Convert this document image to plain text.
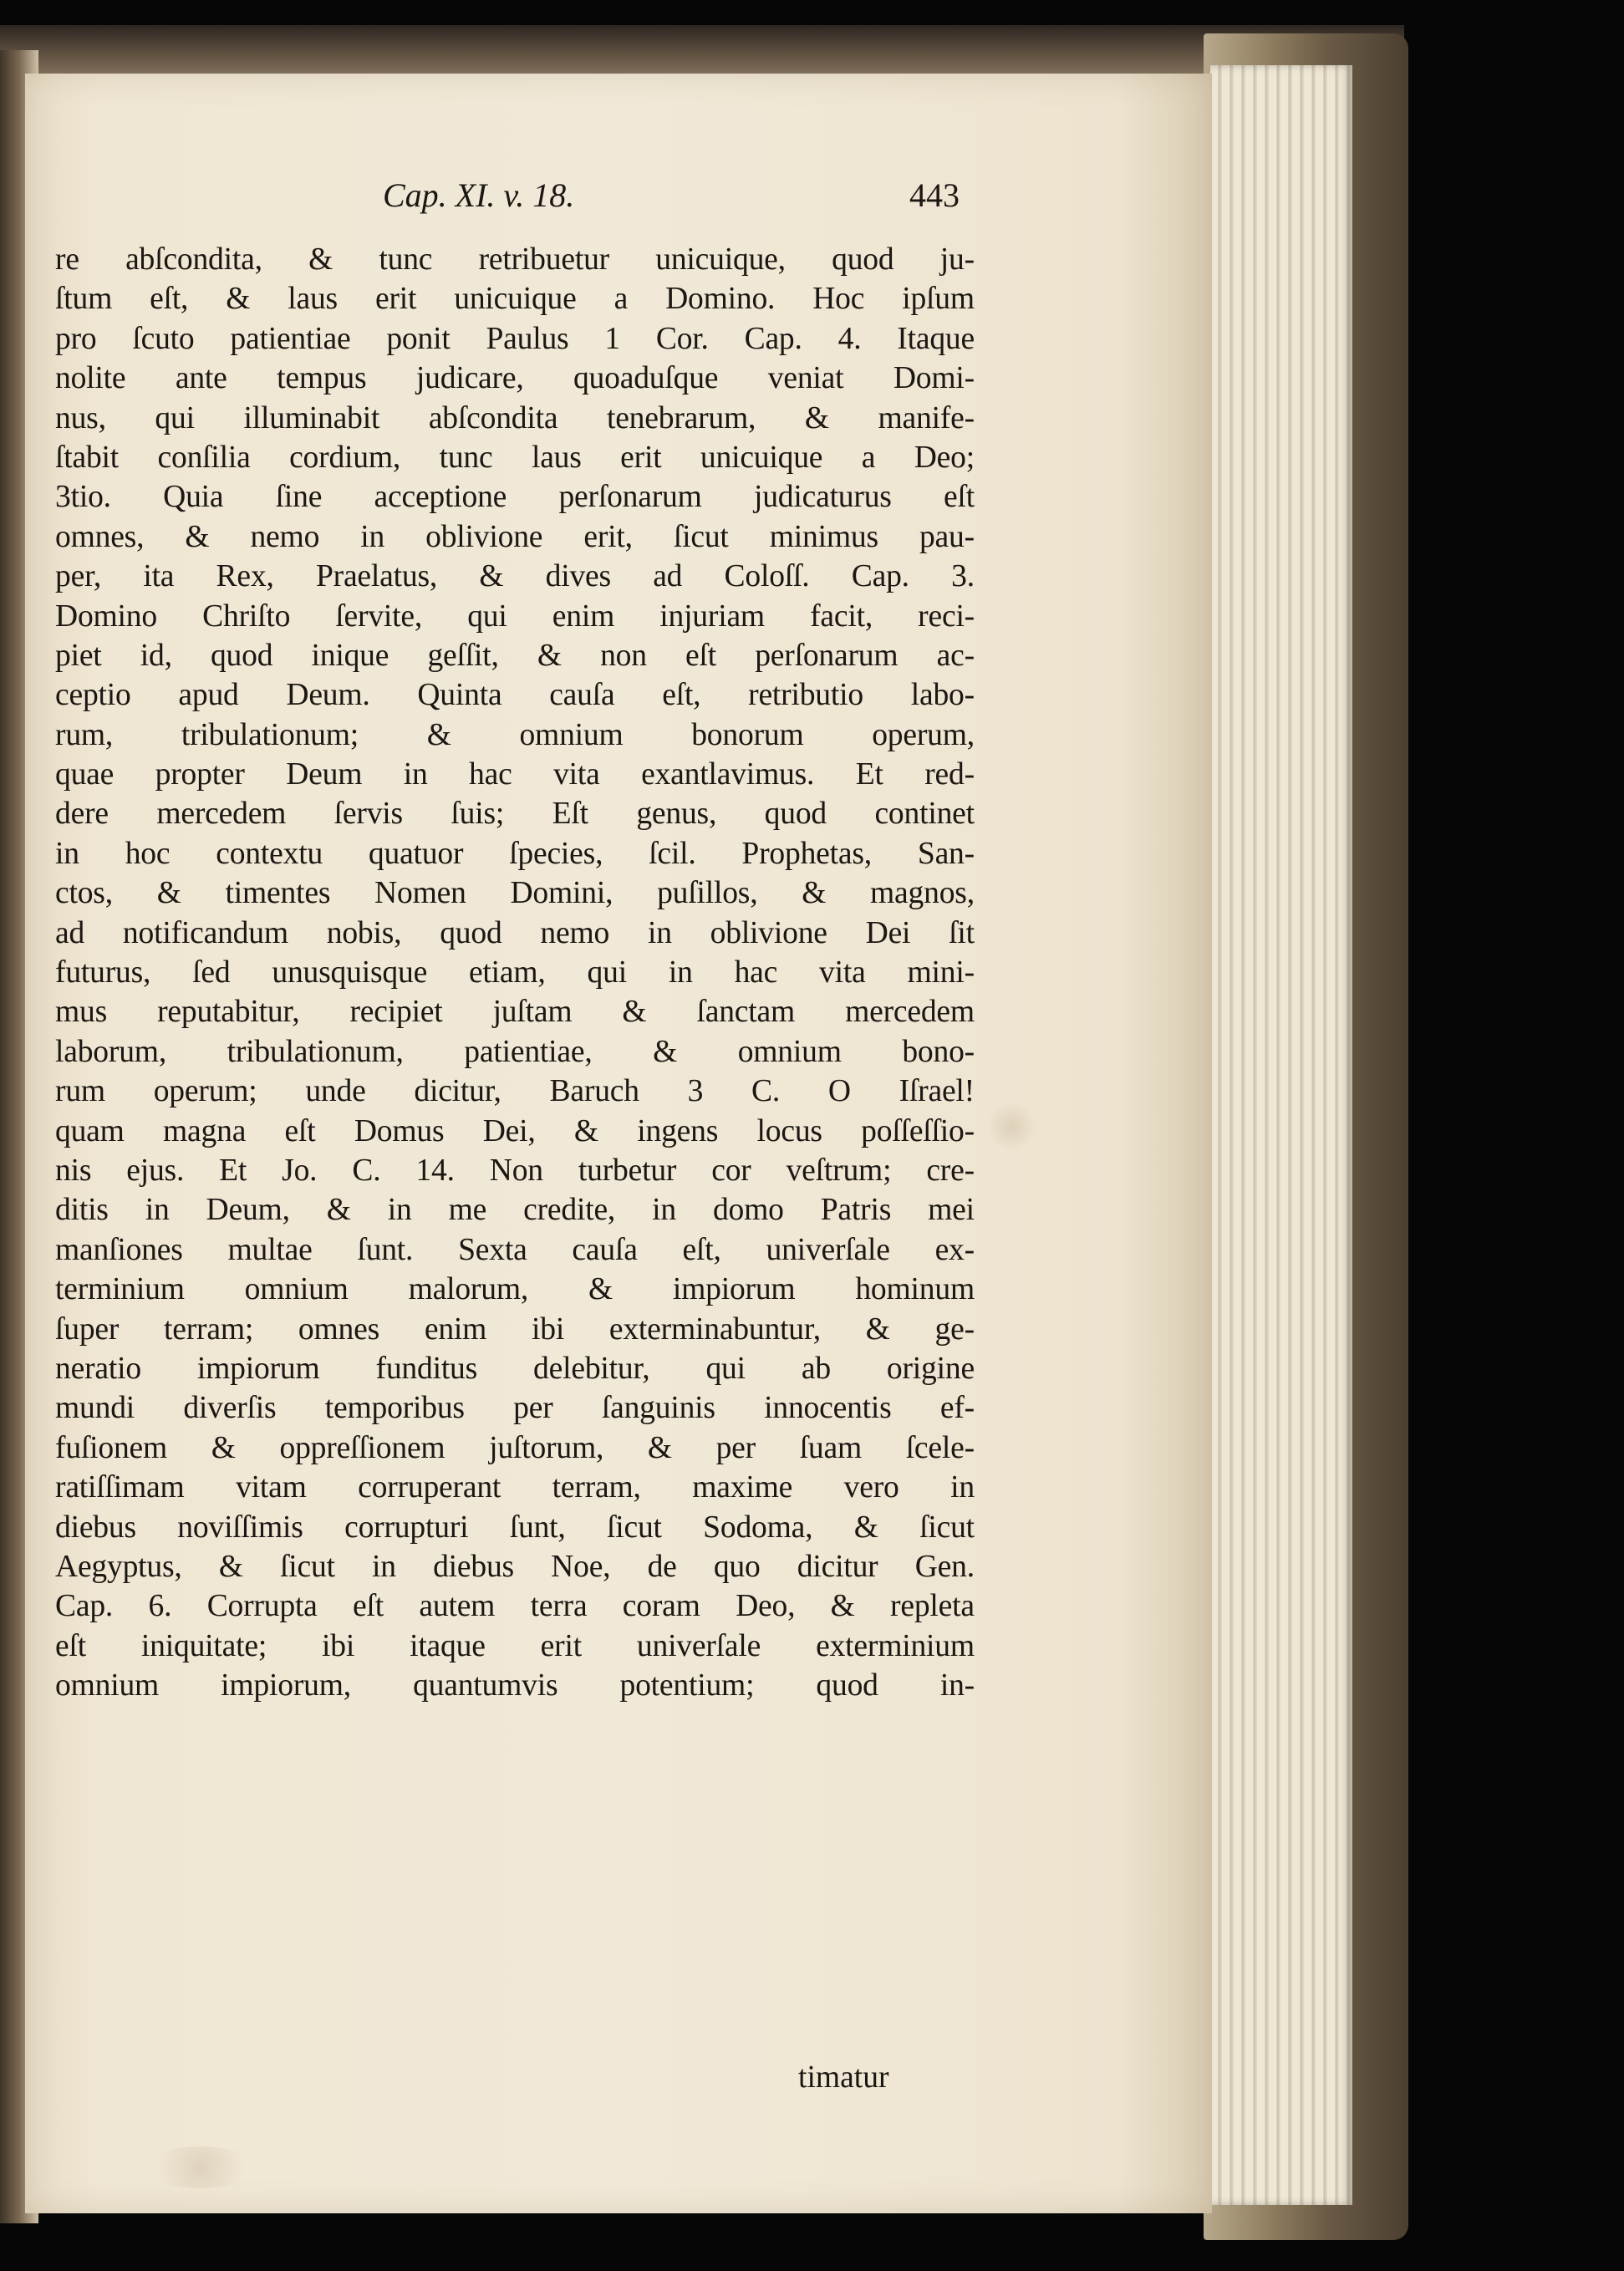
Cap. XI. v. 18.	443
re abſcondita, & tunc retribuetur unicuique, quod ju-
ſtum eſt, & laus erit unicuique a Domino. Hoc ipſum
pro ſcuto patientiae ponit Paulus 1 Cor. Cap. 4. Itaque
nolite ante tempus judicare, quoaduſque veniat Domi-
nus, qui illuminabit abſcondita tenebrarum, & manife-
ſtabit conſilia cordium, tunc laus erit unicuique a Deo;
3tio. Quia ſine acceptione perſonarum judicaturus eſt
omnes, & nemo in oblivione erit, ſicut minimus pau-
per, ita Rex, Praelatus, & dives ad Coloſſ. Cap. 3.
Domino Chriſto ſervite, qui enim injuriam facit, reci-
piet id, quod inique geſſit, & non eſt perſonarum ac-
ceptio apud Deum. Quinta cauſa eſt, retributio labo-
rum, tribulationum; & omnium bonorum operum,
quae propter Deum in hac vita exantlavimus. Et red-
dere mercedem ſervis ſuis; Eſt genus, quod continet
in hoc contextu quatuor ſpecies, ſcil. Prophetas, San-
ctos, & timentes Nomen Domini, puſillos, & magnos,
ad notificandum nobis, quod nemo in oblivione Dei ſit
futurus, ſed unusquisque etiam, qui in hac vita mini-
mus reputabitur, recipiet juſtam & ſanctam mercedem
laborum, tribulationum, patientiae, & omnium bono-
rum operum; unde dicitur, Baruch 3 C. O Iſrael!
quam magna eſt Domus Dei, & ingens locus poſſeſſio-
nis ejus. Et Jo. C. 14. Non turbetur cor veſtrum; cre-
ditis in Deum, & in me credite, in domo Patris mei
manſiones multae ſunt. Sexta cauſa eſt, univerſale ex-
terminium omnium malorum, & impiorum hominum
ſuper terram; omnes enim ibi exterminabuntur, & ge-
neratio impiorum funditus delebitur, qui ab origine
mundi diverſis temporibus per ſanguinis innocentis ef-
fuſionem & oppreſſionem juſtorum, & per ſuam ſcele-
ratiſſimam vitam corruperant terram, maxime vero in
diebus noviſſimis corrupturi ſunt, ſicut Sodoma, & ſicut
Aegyptus, & ſicut in diebus Noe, de quo dicitur Gen.
Cap. 6. Corrupta eſt autem terra coram Deo, & repleta
eſt iniquitate; ibi itaque erit univerſale exterminium
omnium impiorum, quantumvis potentium; quod in-
timatur
